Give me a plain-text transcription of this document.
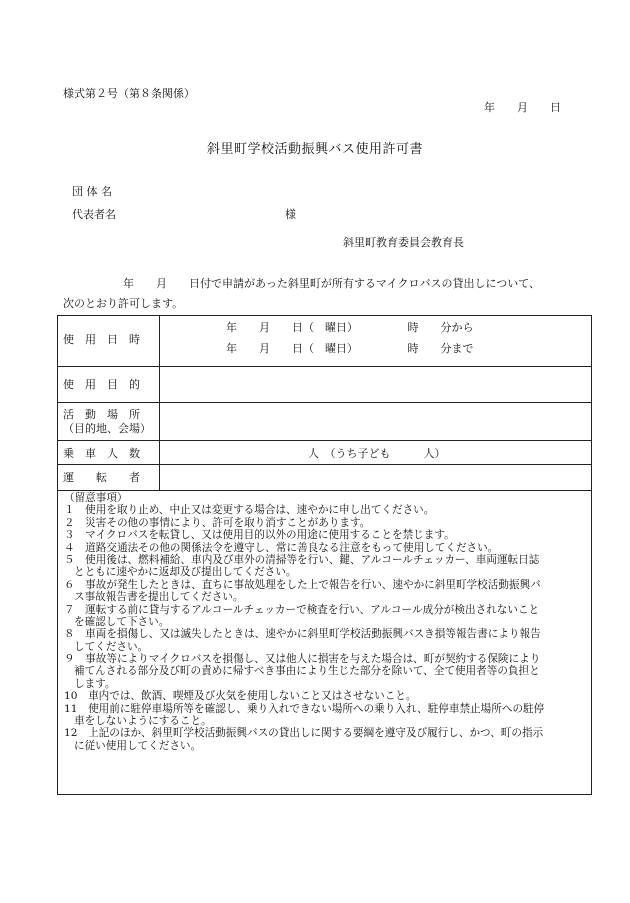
様式第２号（第８条関係）
年　　月　　日
斜里町学校活動振興バス使用許可書
団 体 名
代表者名	様
斜里町教育委員会教育長
年　　月　　日付で申請があった斜里町が所有するマイクロバスの貸出しについて、
次のとおり許可します。
使　用　日　時
年　　月　　日（　曜日）　　　　　時　　分から
年　　月　　日（　曜日）　　　　　時　　分まで
使　用　目　的
活　動　場　所
（目的地、会場）
乗　車　人　数	人　（うち子ども　　　人）
運　　転　　者
（留意事項）
１　使用を取り止め、中止又は変更する場合は、速やかに申し出てください。
２　災害その他の事情により、許可を取り消すことがあります。
３　マイクロバスを転貸し、又は使用目的以外の用途に使用することを禁じます。
４　道路交通法その他の関係法令を遵守し、常に善良なる注意をもって使用してください。
５　使用後は、燃料補給、車内及び車外の清掃等を行い、鍵、アルコールチェッカー、車両運転日誌
とともに速やかに返却及び提出してください。
６　事故が発生したときは、直ちに事故処理をした上で報告を行い、速やかに斜里町学校活動振興バ
ス事故報告書を提出してください。
７　運転する前に貸与するアルコールチェッカーで検査を行い、アルコール成分が検出されないこと
を確認して下さい。
８　車両を損傷し、又は滅失したときは、速やかに斜里町学校活動振興バスき損等報告書により報告
してください。
９　事故等によりマイクロバスを損傷し、又は他人に損害を与えた場合は、町が契約する保険により
補てんされる部分及び町の責めに帰すべき事由により生じた部分を除いて、全て使用者等の負担と
します。
10　車内では、飲酒、喫煙及び火気を使用しないこと又はさせないこと。
11　使用前に駐停車場所等を確認し、乗り入れできない場所への乗り入れ、駐停車禁止場所への駐停
車をしないようにすること。
12　上記のほか、斜里町学校活動振興バスの貸出しに関する要綱を遵守及び履行し、かつ、町の指示
に従い使用してください。
